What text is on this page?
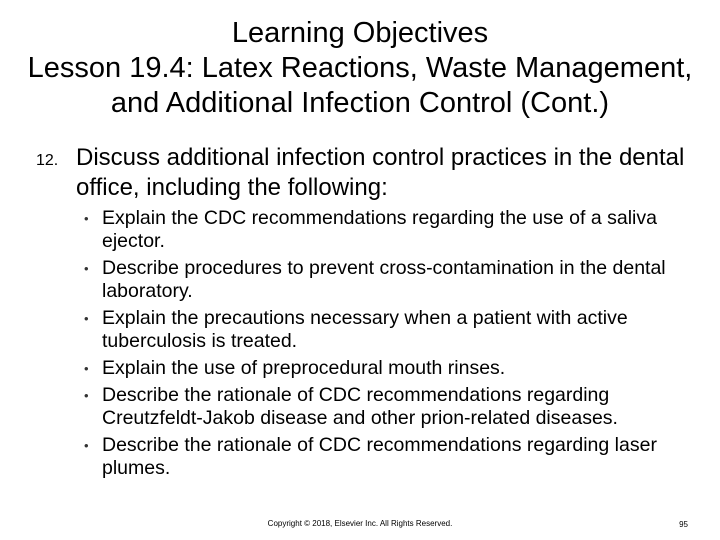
Learning Objectives
Lesson 19.4: Latex Reactions, Waste Management,
and Additional Infection Control (Cont.)
12. Discuss additional infection control practices in the dental office, including the following:
• Explain the CDC recommendations regarding the use of a saliva ejector.
• Describe procedures to prevent cross-contamination in the dental laboratory.
• Explain the precautions necessary when a patient with active tuberculosis is treated.
• Explain the use of preprocedural mouth rinses.
• Describe the rationale of CDC recommendations regarding Creutzfeldt-Jakob disease and other prion-related diseases.
• Describe the rationale of CDC recommendations regarding laser plumes.
Copyright © 2018, Elsevier Inc. All Rights Reserved.	95
